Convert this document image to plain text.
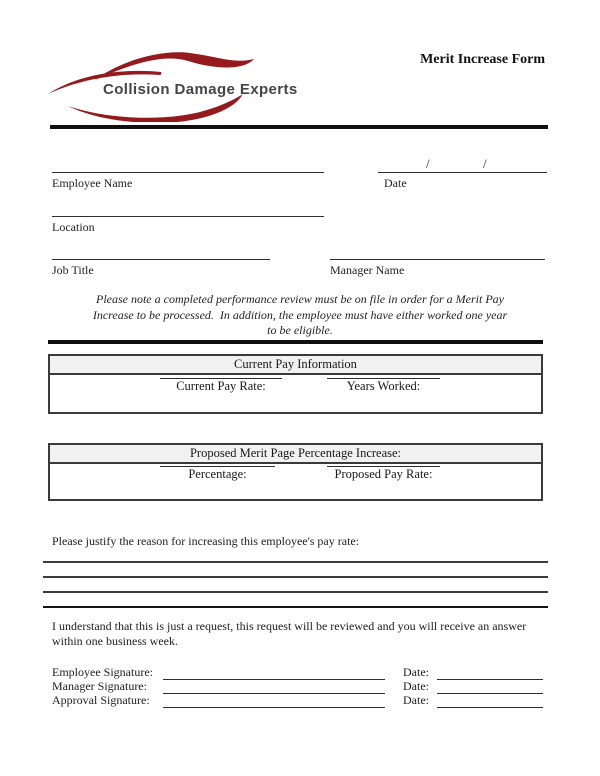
Collision Damage Experts
Merit Increase Form
Employee Name
/	/
Date
Location
Job Title	Manager Name
Please note a completed performance review must be on file in order for a Merit Pay
Increase to be processed.  In addition, the employee must have either worked one year
to be eligible.
Current Pay Information
Current Pay Rate:	Years Worked:
Proposed Merit Page Percentage Increase:
Percentage:	Proposed Pay Rate:
Please justify the reason for increasing this employee's pay rate:
I understand that this is just a request, this request will be reviewed and you will receive an answer within one business week.
Employee Signature:	Date:
Manager Signature:	Date:
Approval Signature:	Date:
